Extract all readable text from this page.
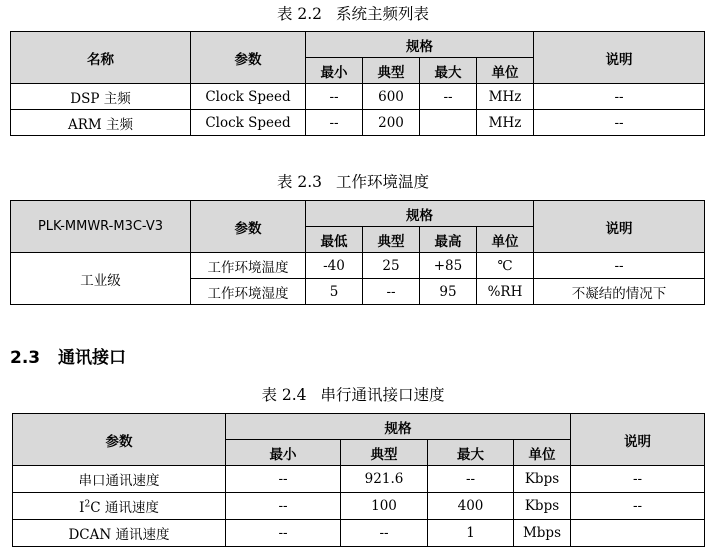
表 2.2 系统主频列表
名称	参数	规格				说明
		最小	典型	最大	单位	
DSP 主频	Clock Speed	--	600	--	MHz	--
ARM 主频	Clock Speed	--	200		MHz	--
表 2.3 工作环境温度
PLK-MMWR-M3C-V3	参数	规格				说明
		最低	典型	最高	单位	
工业级	工作环境温度	-40	25	+85	℃	--
	工作环境湿度	5	--	95	%RH	不凝结的情况下
2.3 通讯接口
表 2.4 串行通讯接口速度
参数	规格				说明
	最小	典型	最大	单位	
串口通讯速度	--	921.6	--	Kbps	--
$I^2C$ 通讯速度	--	100	400	Kbps	--
DCAN 通讯速度	--	--	1	Mbps	
